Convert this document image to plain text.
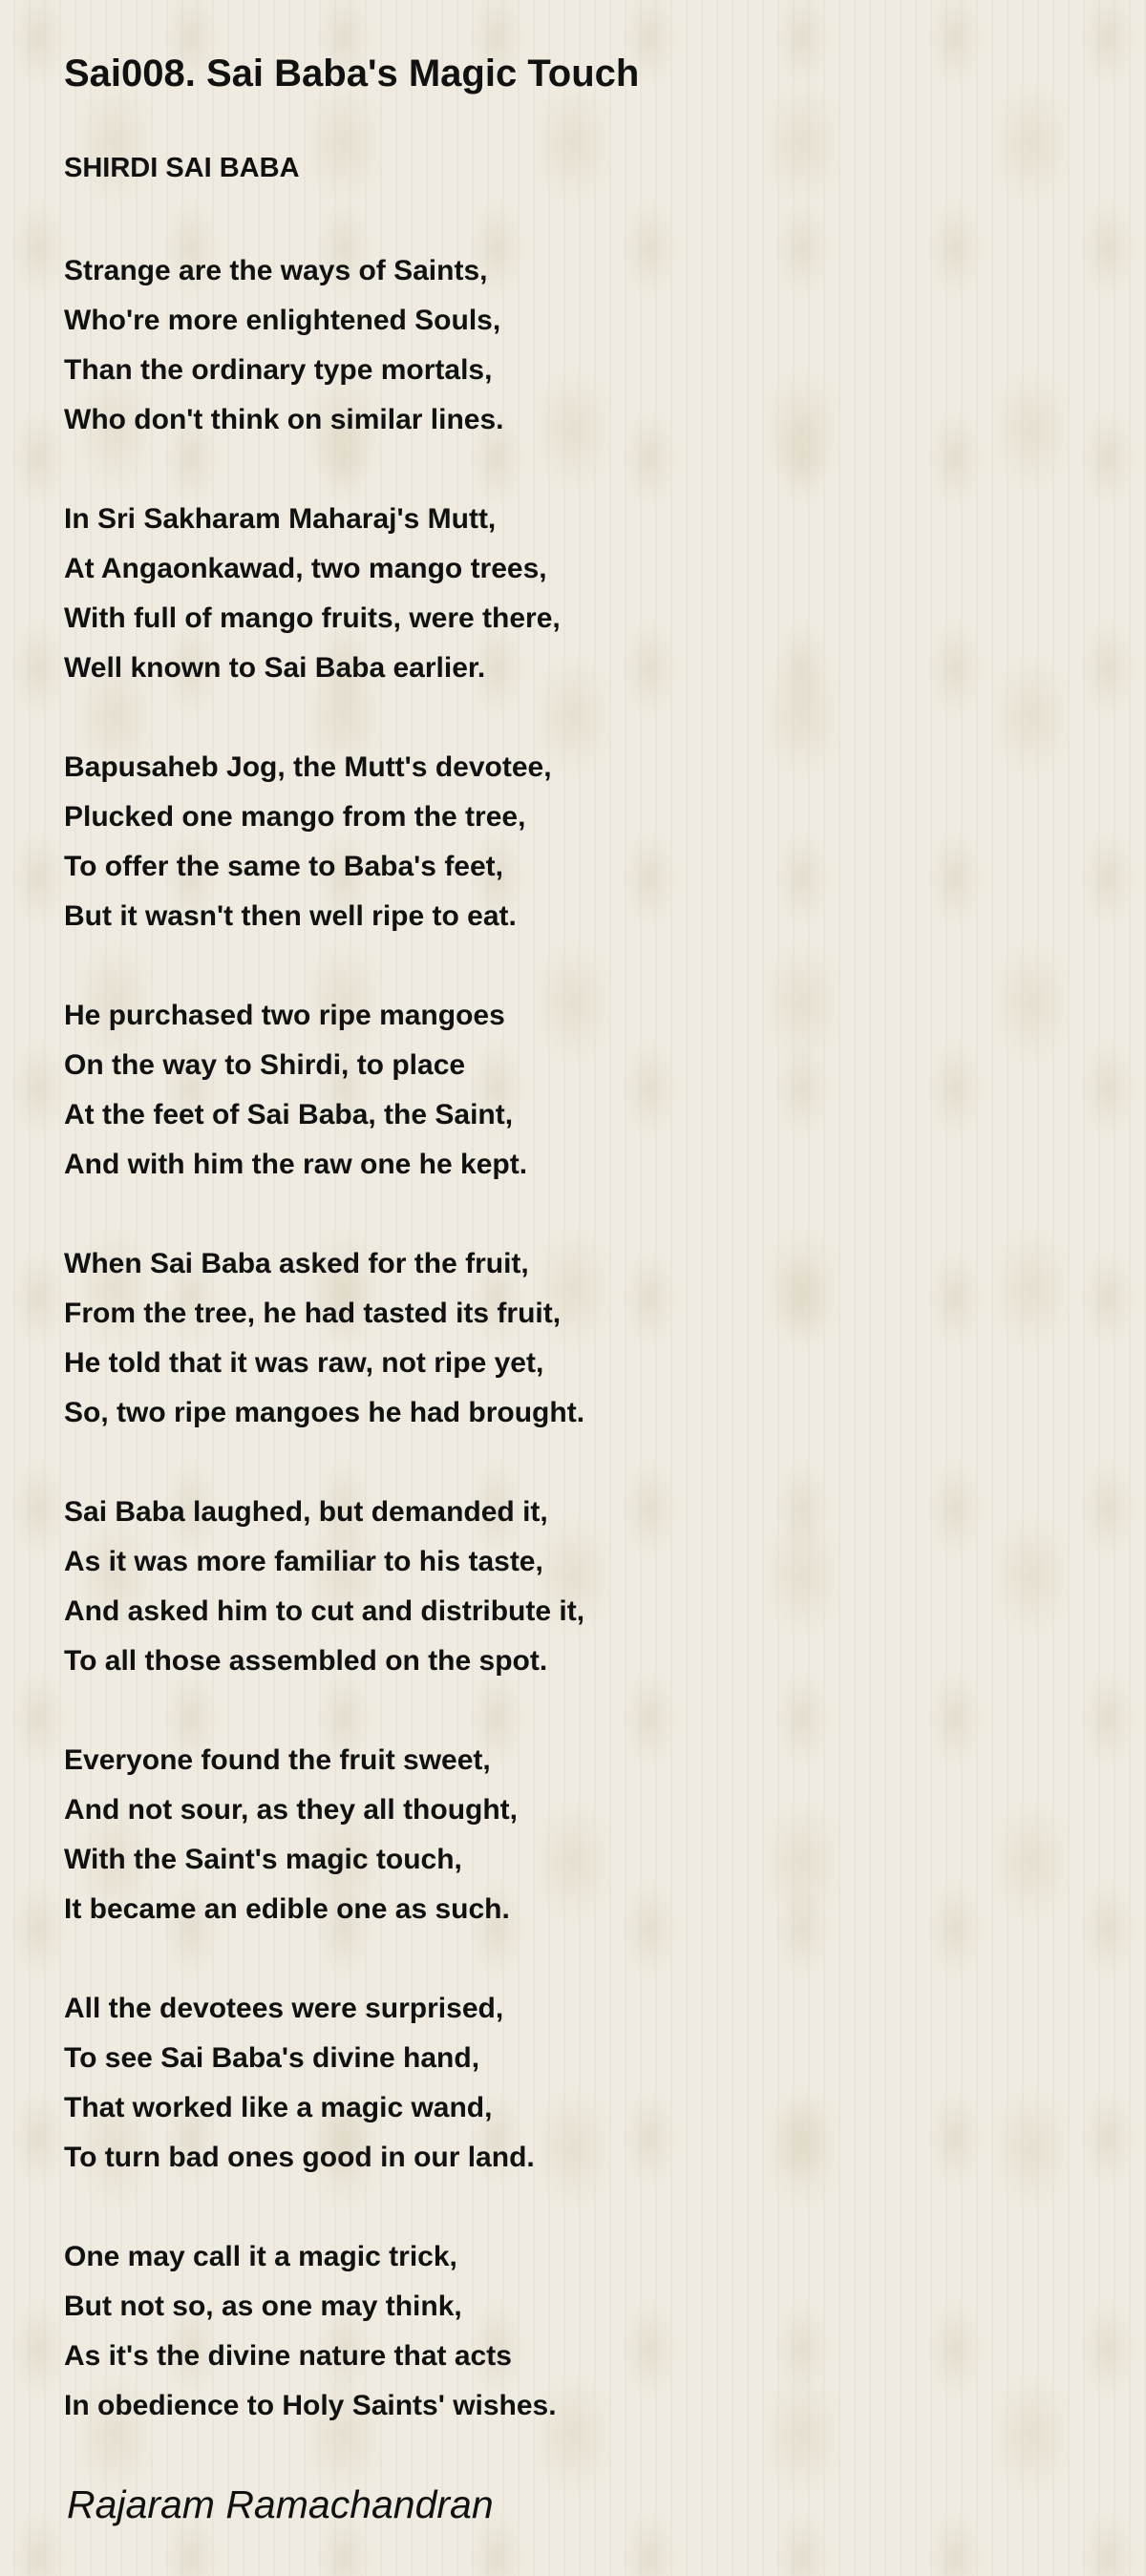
Sai008. Sai Baba's Magic Touch
SHIRDI SAI BABA
Strange are the ways of Saints,
Who're more enlightened Souls,
Than the ordinary type mortals,
Who don't think on similar lines.
In Sri Sakharam Maharaj's Mutt,
At Angaonkawad, two mango trees,
With full of mango fruits, were there,
Well known to Sai Baba earlier.
Bapusaheb Jog, the Mutt's devotee,
Plucked one mango from the tree,
To offer the same to Baba's feet,
But it wasn't then well ripe to eat.
He purchased two ripe mangoes
On the way to Shirdi, to place
At the feet of Sai Baba, the Saint,
And with him the raw one he kept.
When Sai Baba asked for the fruit,
From the tree, he had tasted its fruit,
He told that it was raw, not ripe yet,
So, two ripe mangoes he had brought.
Sai Baba laughed, but demanded it,
As it was more familiar to his taste,
And asked him to cut and distribute it,
To all those assembled on the spot.
Everyone found the fruit sweet,
And not sour, as they all thought,
With the Saint's magic touch,
It became an edible one as such.
All the devotees were surprised,
To see Sai Baba's divine hand,
That worked like a magic wand,
To turn bad ones good in our land.
One may call it a magic trick,
But not so, as one may think,
As it's the divine nature that acts
In obedience to Holy Saints' wishes.
Rajaram Ramachandran
